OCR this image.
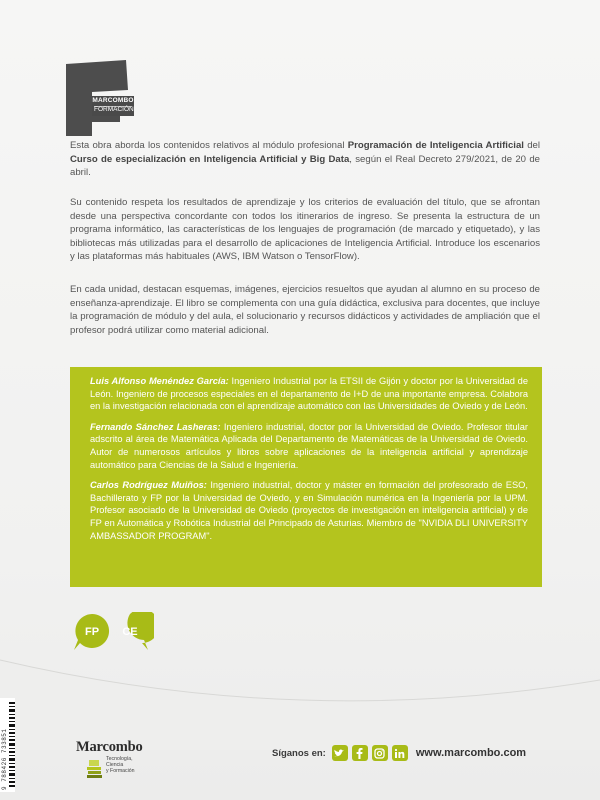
MARCOMBO
FORMACIÓN

Esta obra aborda los contenidos relativos al módulo profesional Programación de Inteligencia Artificial del Curso de especialización en Inteligencia Artificial y Big Data, según el Real Decreto 279/2021, de 20 de abril.

Su contenido respeta los resultados de aprendizaje y los criterios de evaluación del título, que se afrontan desde una perspectiva concordante con todos los itinerarios de ingreso. Se presenta la estructura de un programa informático, las características de los lenguajes de programación (de marcado y etiquetado), y las bibliotecas más utilizadas para el desarrollo de aplicaciones de Inteligencia Artificial. Introduce los escenarios y las plataformas más habituales (AWS, IBM Watson o TensorFlow).

En cada unidad, destacan esquemas, imágenes, ejercicios resueltos que ayudan al alumno en su proceso de enseñanza-aprendizaje. El libro se complementa con una guía didáctica, exclusiva para docentes, que incluye la programación de módulo y del aula, el solucionario y recursos didácticos y actividades de ampliación que el profesor podrá utilizar como material adicional.

Luis Alfonso Menéndez García: Ingeniero Industrial por la ETSII de Gijón y doctor por la Universidad de León. Ingeniero de procesos especiales en el departamento de I+D de una importante empresa. Colabora en la investigación relacionada con el aprendizaje automático con las Universidades de Oviedo y de León.

Fernando Sánchez Lasheras: Ingeniero industrial, doctor por la Universidad de Oviedo. Profesor titular adscrito al área de Matemática Aplicada del Departamento de Matemáticas de la Universidad de Oviedo. Autor de numerosos artículos y libros sobre aplicaciones de la inteligencia artificial y aprendizaje automático para Ciencias de la Salud e Ingeniería.

Carlos Rodríguez Muiños: Ingeniero industrial, doctor y máster en formación del profesorado de ESO, Bachillerato y FP por la Universidad de Oviedo, y en Simulación numérica en la Ingeniería por la UPM. Profesor asociado de la Universidad de Oviedo (proyectos de investigación en inteligencia artificial) y de FP en Automática y Robótica Industrial del Principado de Asturias. Miembro de "NVIDIA DLI UNIVERSITY AMBASSADOR PROGRAM".

FP CE
9 788426 733851	Marcombo
Tecnología,
Ciencia
y Formación
Síganos en:	www.marcombo.com
